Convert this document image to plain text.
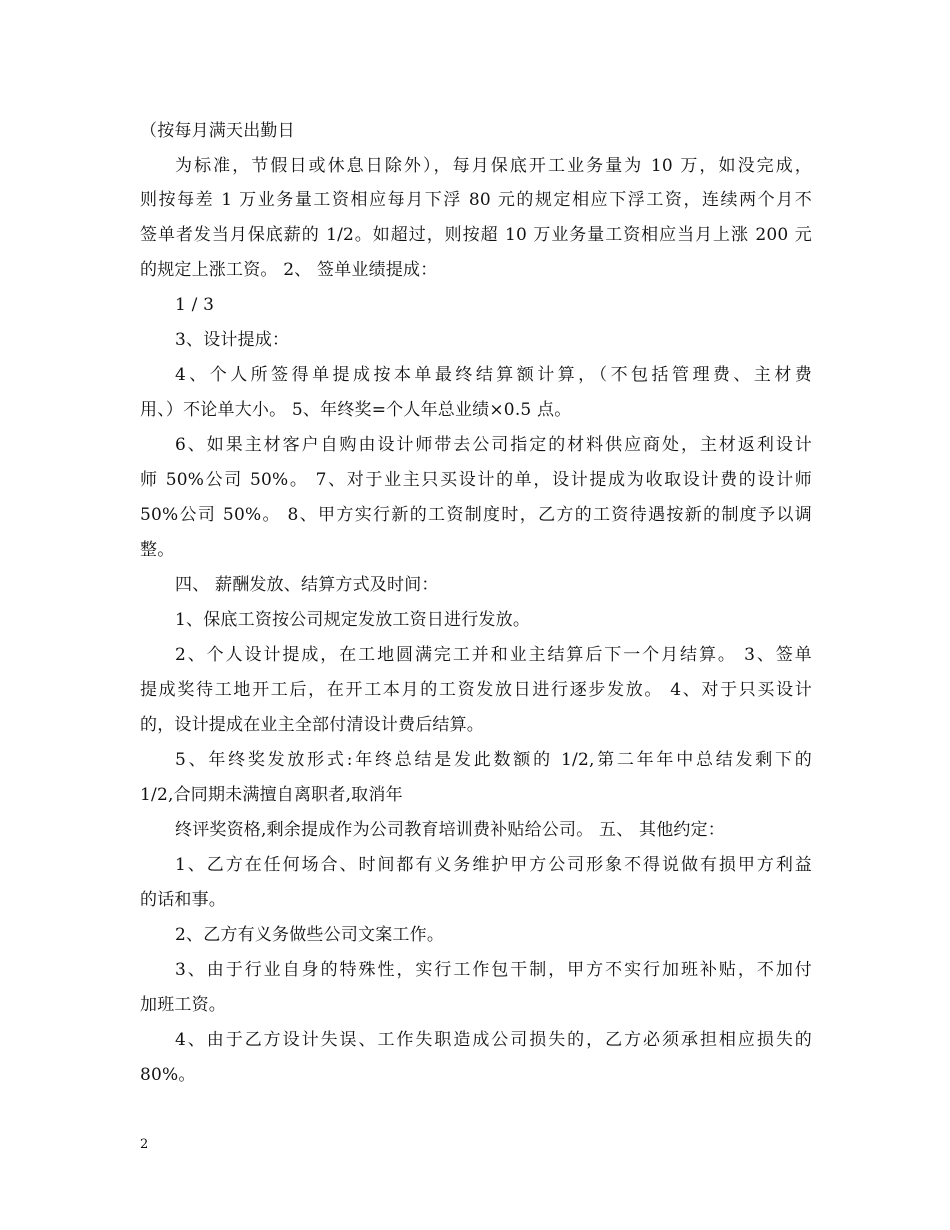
（按每月满天出勤日
为标准，节假日或休息日除外），每月保底开工业务量为 10 万，如没完成，
则按每差 1 万业务量工资相应每月下浮 80 元的规定相应下浮工资，连续两个月不
签单者发当月保底薪的 1/2。如超过，则按超 10 万业务量工资相应当月上涨 200 元
的规定上涨工资。 2、 签单业绩提成：
1 / 3
3、设计提成：
4、个人所签得单提成按本单最终结算额计算，（不包括管理费、主材费
用、）不论单大小。 5、年终奖=个人年总业绩×0.5 点。
6、如果主材客户自购由设计师带去公司指定的材料供应商处，主材返利设计
师 50%公司 50%。 7、对于业主只买设计的单，设计提成为收取设计费的设计师
50%公司 50%。 8、甲方实行新的工资制度时，乙方的工资待遇按新的制度予以调
整。
四、 薪酬发放、结算方式及时间：
1、保底工资按公司规定发放工资日进行发放。
2、个人设计提成，在工地圆满完工并和业主结算后下一个月结算。 3、签单
提成奖待工地开工后，在开工本月的工资发放日进行逐步发放。 4、对于只买设计
的，设计提成在业主全部付清设计费后结算。
5、年终奖发放形式:年终总结是发此数额的 1/2,第二年年中总结发剩下的
1/2,合同期未满擅自离职者,取消年
终评奖资格,剩余提成作为公司教育培训费补贴给公司。 五、 其他约定：
1、乙方在任何场合、时间都有义务维护甲方公司形象不得说做有损甲方利益
的话和事。
2、乙方有义务做些公司文案工作。
3、由于行业自身的特殊性，实行工作包干制，甲方不实行加班补贴，不加付
加班工资。
4、由于乙方设计失误、工作失职造成公司损失的，乙方必须承担相应损失的
80%。
2
